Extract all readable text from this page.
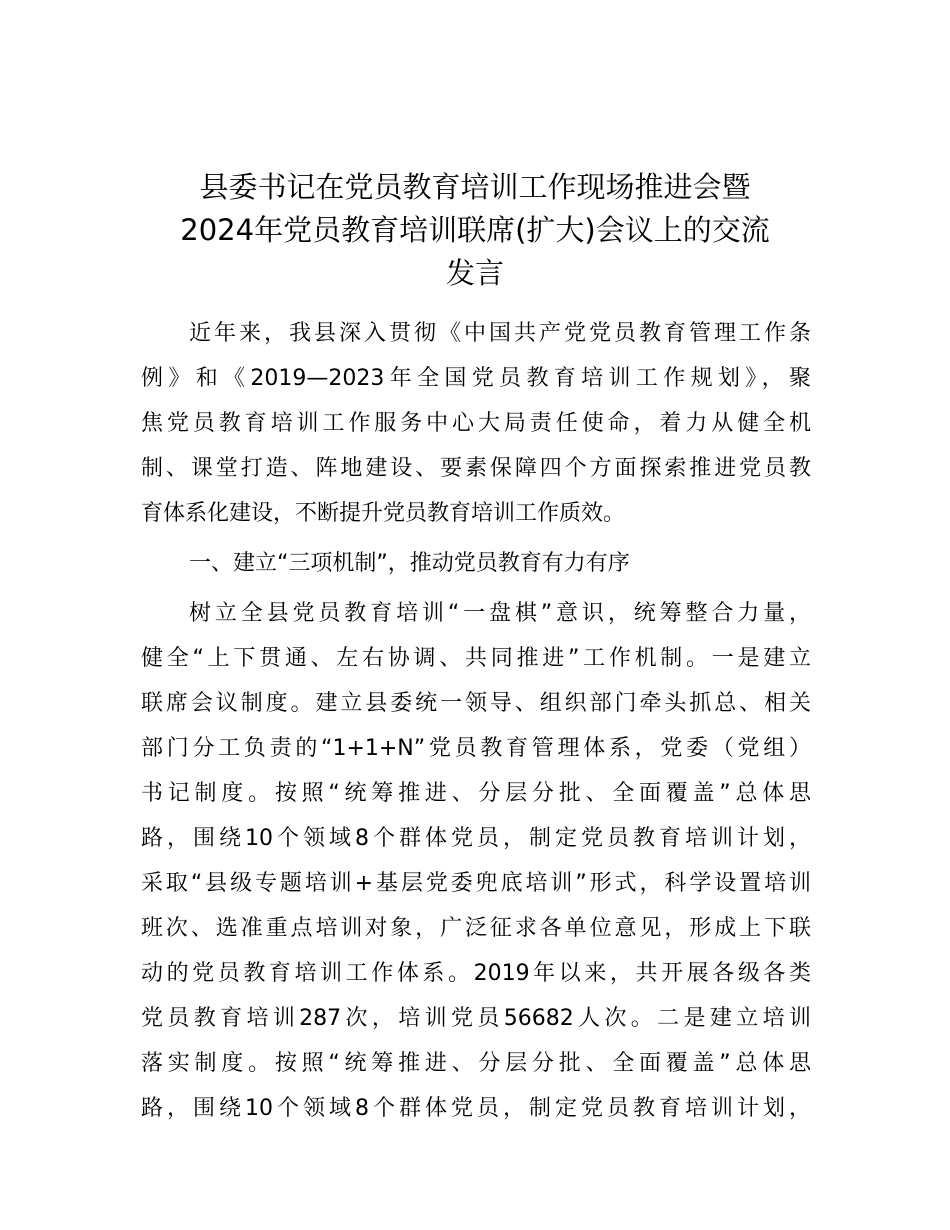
县委书记在党员教育培训工作现场推进会暨
2024年党员教育培训联席(扩大)会议上的交流
发言
近年来，我县深入贯彻《中国共产党党员教育管理工作条
例》和《2019—2023年全国党员教育培训工作规划》，聚
焦党员教育培训工作服务中心大局责任使命，着力从健全机
制、课堂打造、阵地建设、要素保障四个方面探索推进党员教
育体系化建设，不断提升党员教育培训工作质效。
一、建立“三项机制”，推动党员教育有力有序
树立全县党员教育培训“一盘棋”意识，统筹整合力量，
健全“上下贯通、左右协调、共同推进”工作机制。一是建立
联席会议制度。建立县委统一领导、组织部门牵头抓总、相关
部门分工负责的“1+1+N”党员教育管理体系，党委（党组）
书记制度。按照“统筹推进、分层分批、全面覆盖”总体思
路，围绕10个领域8个群体党员，制定党员教育培训计划，
采取“县级专题培训+基层党委兜底培训”形式，科学设置培训
班次、选准重点培训对象，广泛征求各单位意见，形成上下联
动的党员教育培训工作体系。2019年以来，共开展各级各类
党员教育培训287次，培训党员56682人次。二是建立培训
落实制度。按照“统筹推进、分层分批、全面覆盖”总体思
路，围绕10个领域8个群体党员，制定党员教育培训计划，
